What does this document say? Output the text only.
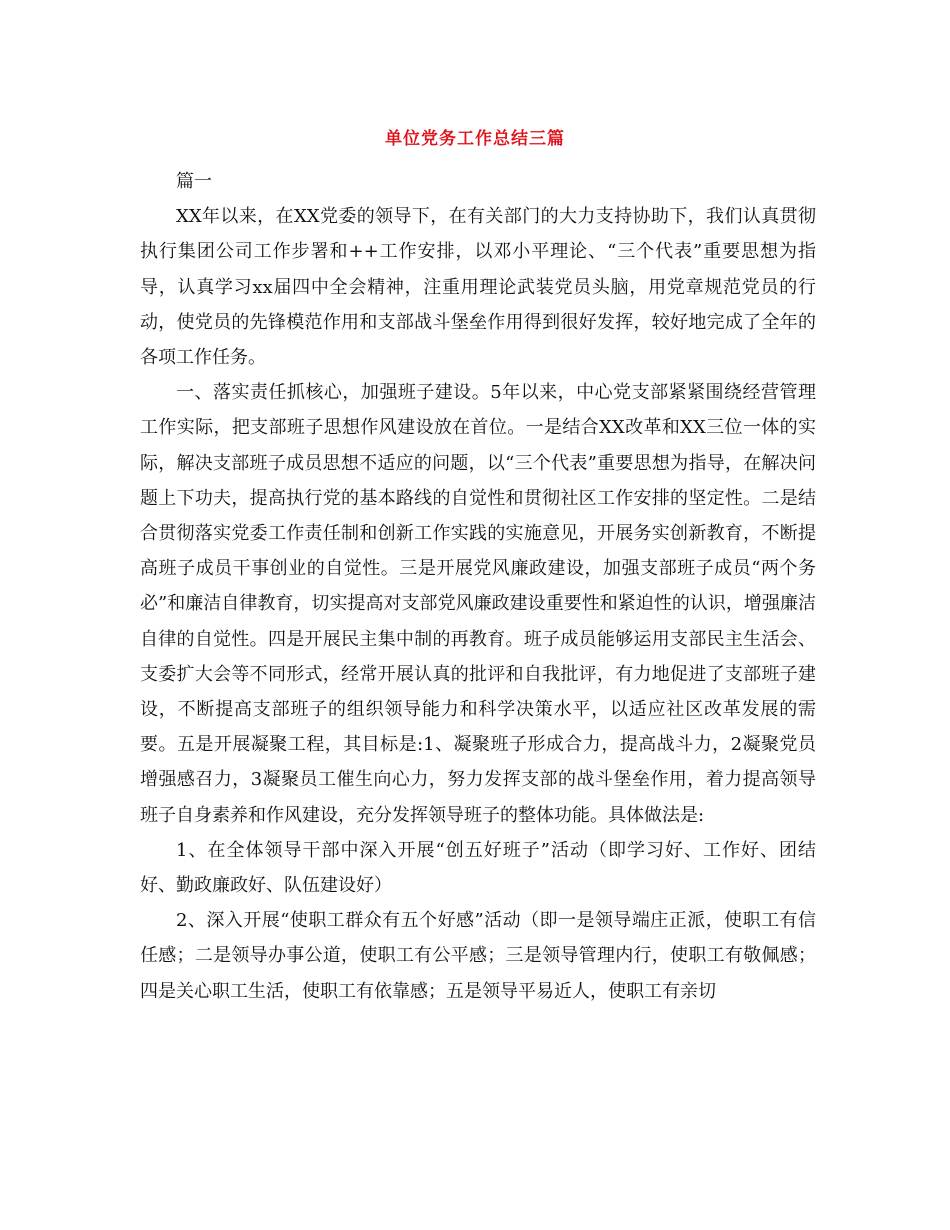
单位党务工作总结三篇

篇一

XX年以来，在XX党委的领导下，在有关部门的大力支持协助下，我们认真贯彻执行集团公司工作步署和++工作安排，以邓小平理论、“三个代表”重要思想为指导，认真学习xx届四中全会精神，注重用理论武装党员头脑，用党章规范党员的行动，使党员的先锋模范作用和支部战斗堡垒作用得到很好发挥，较好地完成了全年的各项工作任务。

一、落实责任抓核心，加强班子建设。5年以来，中心党支部紧紧围绕经营管理工作实际，把支部班子思想作风建设放在首位。一是结合XX改革和XX三位一体的实际，解决支部班子成员思想不适应的问题，以“三个代表”重要思想为指导，在解决问题上下功夫，提高执行党的基本路线的自觉性和贯彻社区工作安排的坚定性。二是结合贯彻落实党委工作责任制和创新工作实践的实施意见，开展务实创新教育，不断提高班子成员干事创业的自觉性。三是开展党风廉政建设，加强支部班子成员“两个务必”和廉洁自律教育，切实提高对支部党风廉政建设重要性和紧迫性的认识，增强廉洁自律的自觉性。四是开展民主集中制的再教育。班子成员能够运用支部民主生活会、支委扩大会等不同形式，经常开展认真的批评和自我批评，有力地促进了支部班子建设，不断提高支部班子的组织领导能力和科学决策水平，以适应社区改革发展的需要。五是开展凝聚工程，其目标是:1、凝聚班子形成合力，提高战斗力，2凝聚党员增强感召力，3凝聚员工催生向心力，努力发挥支部的战斗堡垒作用，着力提高领导班子自身素养和作风建设，充分发挥领导班子的整体功能。具体做法是:

1、在全体领导干部中深入开展“创五好班子”活动（即学习好、工作好、团结好、勤政廉政好、队伍建设好）

2、深入开展“使职工群众有五个好感”活动（即一是领导端庄正派，使职工有信任感；二是领导办事公道，使职工有公平感；三是领导管理内行，使职工有敬佩感；四是关心职工生活，使职工有依靠感；五是领导平易近人，使职工有亲切
